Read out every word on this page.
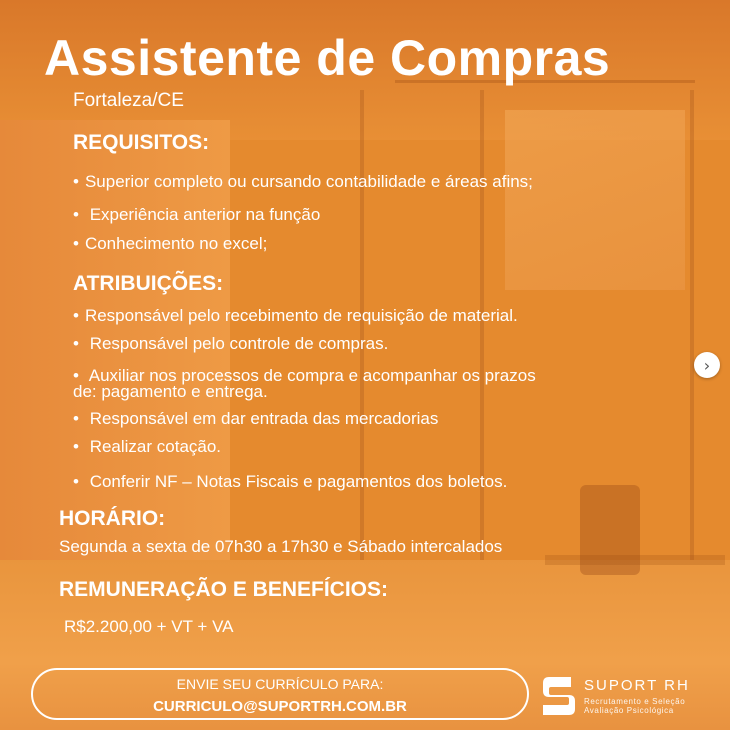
Assistente de Compras
Fortaleza/CE
REQUISITOS:
• Superior completo ou cursando contabilidade e áreas afins;
• Experiência anterior na função
• Conhecimento no excel;
ATRIBUIÇÕES:
• Responsável pelo recebimento de requisição de material.
• Responsável pelo controle de compras.
• Auxiliar nos processos de compra e acompanhar os prazos
de: pagamento e entrega.
• Responsável em dar entrada das mercadorias
• Realizar cotação.
• Conferir NF – Notas Fiscais e pagamentos dos boletos.
HORÁRIO:
Segunda a sexta de 07h30 a 17h30 e Sábado intercalados
REMUNERAÇÃO E BENEFÍCIOS:
R$2.200,00 + VT + VA
ENVIE SEU CURRÍCULO PARA:
CURRICULO@SUPORTRH.COM.BR
SUPORT RH
Recrutamento e Seleção
Avaliação Psicológica
›
